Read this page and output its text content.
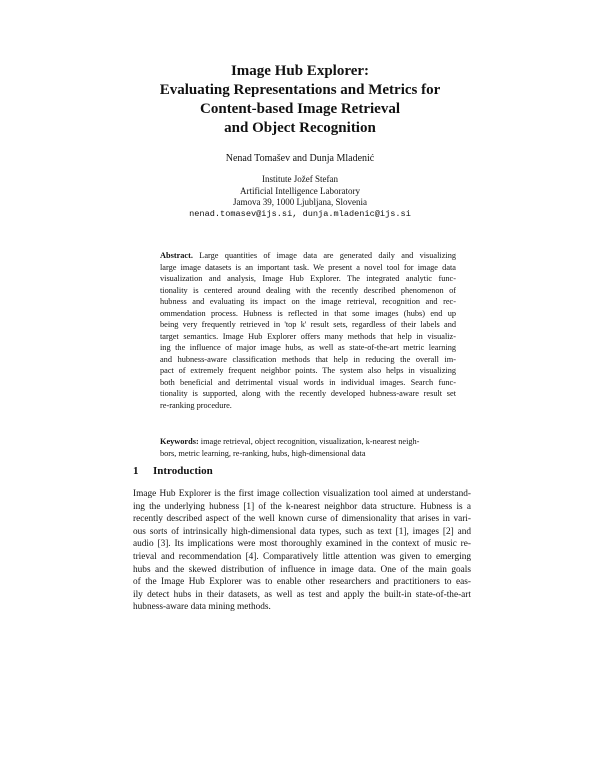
Image Hub Explorer:
Evaluating Representations and Metrics for
Content-based Image Retrieval
and Object Recognition
Nenad Tomašev and Dunja Mladenić
Institute Jožef Stefan
Artificial Intelligence Laboratory
Jamova 39, 1000 Ljubljana, Slovenia
nenad.tomasev@ijs.si, dunja.mladenic@ijs.si
Abstract. Large quantities of image data are generated daily and visualizing
large image datasets is an important task. We present a novel tool for image data
visualization and analysis, Image Hub Explorer. The integrated analytic func-
tionality is centered around dealing with the recently described phenomenon of
hubness and evaluating its impact on the image retrieval, recognition and rec-
ommendation process. Hubness is reflected in that some images (hubs) end up
being very frequently retrieved in 'top k' result sets, regardless of their labels and
target semantics. Image Hub Explorer offers many methods that help in visualiz-
ing the influence of major image hubs, as well as state-of-the-art metric learning
and hubness-aware classification methods that help in reducing the overall im-
pact of extremely frequent neighbor points. The system also helps in visualizing
both beneficial and detrimental visual words in individual images. Search func-
tionality is supported, along with the recently developed hubness-aware result set
re-ranking procedure.
Keywords: image retrieval, object recognition, visualization, k-nearest neigh-
bors, metric learning, re-ranking, hubs, high-dimensional data
1 Introduction
Image Hub Explorer is the first image collection visualization tool aimed at understand-
ing the underlying hubness [1] of the k-nearest neighbor data structure. Hubness is a
recently described aspect of the well known curse of dimensionality that arises in vari-
ous sorts of intrinsically high-dimensional data types, such as text [1], images [2] and
audio [3]. Its implications were most thoroughly examined in the context of music re-
trieval and recommendation [4]. Comparatively little attention was given to emerging
hubs and the skewed distribution of influence in image data. One of the main goals
of the Image Hub Explorer was to enable other researchers and practitioners to eas-
ily detect hubs in their datasets, as well as test and apply the built-in state-of-the-art
hubness-aware data mining methods.
